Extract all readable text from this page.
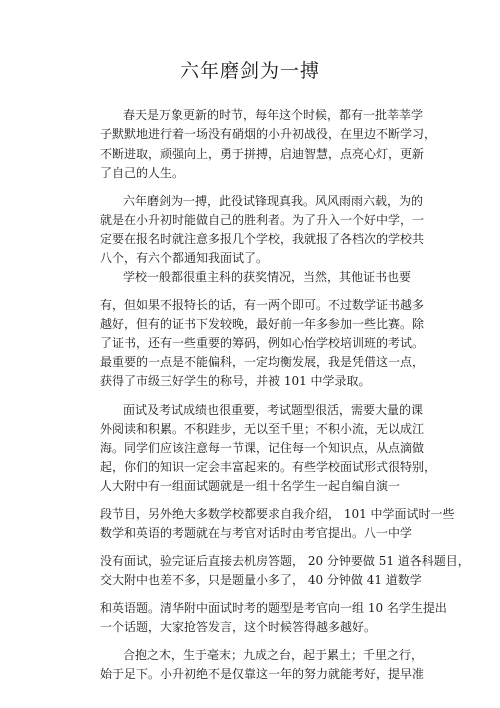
六年磨剑为一搏
春天是万象更新的时节，每年这个时候，都有一批莘莘学
子默默地进行着一场没有硝烟的小升初战役，在里边不断学习，
不断进取，顽强向上，勇于拼搏，启迪智慧，点亮心灯，更新
了自己的人生。
六年磨剑为一搏，此役试锋现真我。风风雨雨六载，为的
就是在小升初时能做自己的胜利者。为了升入一个好中学，一
定要在报名时就注意多报几个学校，我就报了各档次的学校共
八个，有六个都通知我面试了。
学校一般都很重主科的获奖情况，当然，其他证书也要
有，但如果不报特长的话，有一两个即可。不过数学证书越多
越好，但有的证书下发较晚，最好前一年多参加一些比赛。除
了证书，还有一些重要的筹码，例如心怡学校培训班的考试。
最重要的一点是不能偏科，一定均衡发展，我是凭借这一点，
获得了市级三好学生的称号，并被 101 中学录取。
面试及考试成绩也很重要，考试题型很活，需要大量的课
外阅读和积累。不积跬步，无以至千里；不积小流，无以成江
海。同学们应该注意每一节课，记住每一个知识点，从点滴做
起，你们的知识一定会丰富起来的。有些学校面试形式很特别，
人大附中有一组面试题就是一组十名学生一起自编自演一
段节目，另外绝大多数学校都要求自我介绍， 101 中学面试时一些
数学和英语的考题就在与考官对话时由考官提出。八一中学
没有面试，验完证后直接去机房答题， 20 分钟要做 51 道各科题目，
交大附中也差不多，只是题量小多了， 40 分钟做 41 道数学
和英语题。清华附中面试时考的题型是考官向一组 10 名学生提出
一个话题，大家抢答发言，这个时候答得越多越好。
合抱之木，生于毫末；九成之台，起于累土；千里之行，
始于足下。小升初绝不是仅靠这一年的努力就能考好，提早准
